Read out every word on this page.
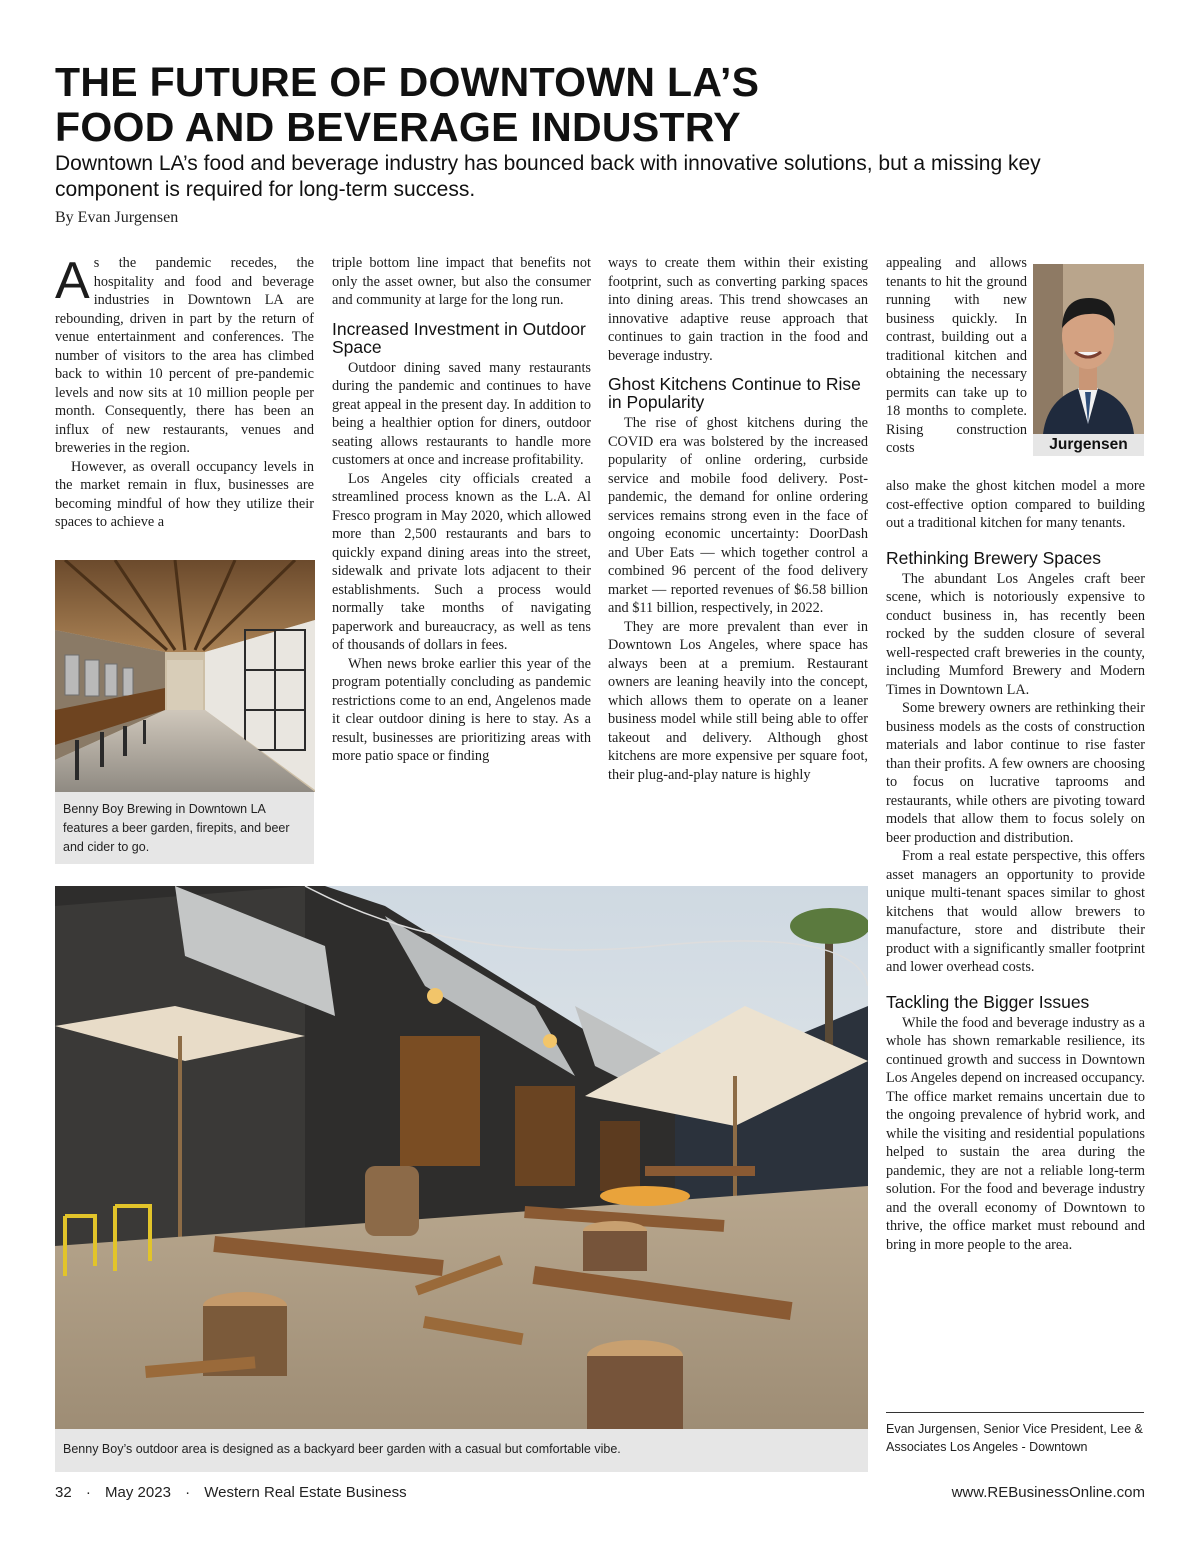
THE FUTURE OF DOWNTOWN LA’S
FOOD AND BEVERAGE INDUSTRY
Downtown LA’s food and beverage industry has bounced back with innovative solutions, but a missing key component is required for long-term success.
By Evan Jurgensen

As the pandemic recedes, the hospitality and food and beverage industries in Downtown LA are rebounding, driven in part by the return of venue entertainment and conferences. The number of visitors to the area has climbed back to within 10 percent of pre-pandemic levels and now sits at 10 million people per month. Consequently, there has been an influx of new restaurants, venues and breweries in the region.

However, as overall occupancy levels in the market remain in flux, businesses are becoming mindful of how they utilize their spaces to achieve a

Benny Boy Brewing in Downtown LA features a beer garden, firepits, and beer and cider to go.

triple bottom line impact that benefits not only the asset owner, but also the consumer and community at large for the long run.

Increased Investment in Outdoor Space

Outdoor dining saved many restaurants during the pandemic and continues to have great appeal in the present day. In addition to being a healthier option for diners, outdoor seating allows restaurants to handle more customers at once and increase profitability.

Los Angeles city officials created a streamlined process known as the L.A. Al Fresco program in May 2020, which allowed more than 2,500 restaurants and bars to quickly expand dining areas into the street, sidewalk and private lots adjacent to their establishments. Such a process would normally take months of navigating paperwork and bureaucracy, as well as tens of thousands of dollars in fees.

When news broke earlier this year of the program potentially concluding as pandemic restrictions come to an end, Angelenos made it clear outdoor dining is here to stay. As a result, businesses are prioritizing areas with more patio space or finding

ways to create them within their existing footprint, such as converting parking spaces into dining areas. This trend showcases an innovative adaptive reuse approach that continues to gain traction in the food and beverage industry.

Ghost Kitchens Continue to Rise in Popularity

The rise of ghost kitchens during the COVID era was bolstered by the increased popularity of online ordering, curbside service and mobile food delivery. Post-pandemic, the demand for online ordering services remains strong even in the face of ongoing economic uncertainty: DoorDash and Uber Eats — which together control a combined 96 percent of the food delivery market — reported revenues of $6.58 billion and $11 billion, respectively, in 2022.

They are more prevalent than ever in Downtown Los Angeles, where space has always been at a premium. Restaurant owners are leaning heavily into the concept, which allows them to operate on a leaner business model while still being able to offer takeout and delivery. Although ghost kitchens are more expensive per square foot, their plug-and-play nature is highly

appealing and allows tenants to hit the ground running with new business quickly. In contrast, building out a traditional kitchen and obtaining the necessary permits can take up to 18 months to complete. Rising construction costs	Jurgensen

also make the ghost kitchen model a more cost-effective option compared to building out a traditional kitchen for many tenants.

Rethinking Brewery Spaces

The abundant Los Angeles craft beer scene, which is notoriously expensive to conduct business in, has recently been rocked by the sudden closure of several well-respected craft breweries in the county, including Mumford Brewery and Modern Times in Downtown LA.

Some brewery owners are rethinking their business models as the costs of construction materials and labor continue to rise faster than their profits. A few owners are choosing to focus on lucrative taprooms and restaurants, while others are pivoting toward models that allow them to focus solely on beer production and distribution.

From a real estate perspective, this offers asset managers an opportunity to provide unique multi-tenant spaces similar to ghost kitchens that would allow brewers to manufacture, store and distribute their product with a significantly smaller footprint and lower overhead costs.

Tackling the Bigger Issues

While the food and beverage industry as a whole has shown remarkable resilience, its continued growth and success in Downtown Los Angeles depend on increased occupancy. The office market remains uncertain due to the ongoing prevalence of hybrid work, and while the visiting and residential populations helped to sustain the area during the pandemic, they are not a reliable long-term solution. For the food and beverage industry and the overall economy of Downtown to thrive, the office market must rebound and bring in more people to the area.

Evan Jurgensen, Senior Vice President, Lee & Associates Los Angeles - Downtown
Benny Boy’s outdoor area is designed as a backyard beer garden with a casual but comfortable vibe.
32 · May 2023 · Western Real Estate Business	www.REBusinessOnline.com
